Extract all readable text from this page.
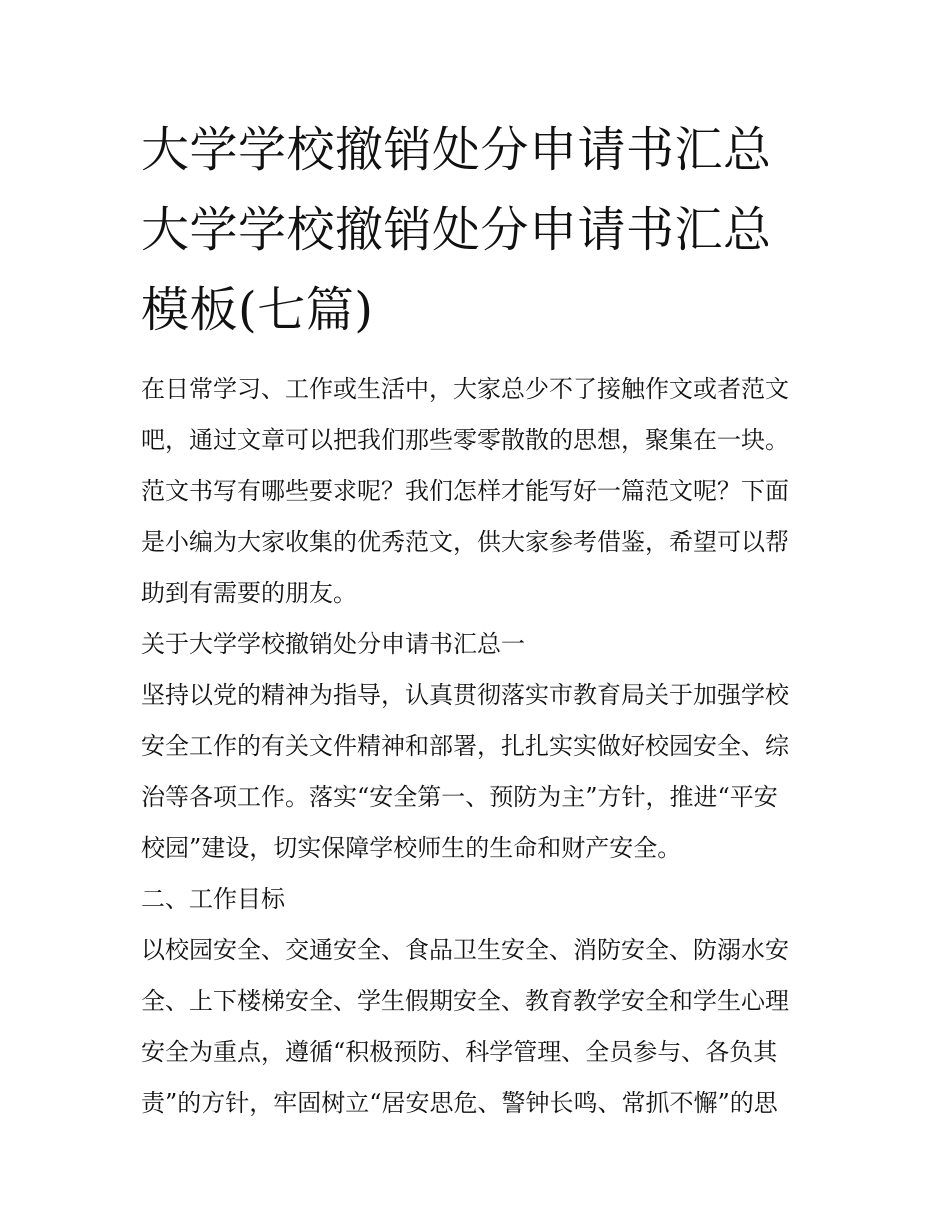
大学学校撤销处分申请书汇总
大学学校撤销处分申请书汇总
模板(七篇)
在日常学习、工作或生活中，大家总少不了接触作文或者范文
吧，通过文章可以把我们那些零零散散的思想，聚集在一块。
范文书写有哪些要求呢？我们怎样才能写好一篇范文呢？下面
是小编为大家收集的优秀范文，供大家参考借鉴，希望可以帮
助到有需要的朋友。
关于大学学校撤销处分申请书汇总一
坚持以党的精神为指导，认真贯彻落实市教育局关于加强学校
安全工作的有关文件精神和部署，扎扎实实做好校园安全、综
治等各项工作。落实“安全第一、预防为主”方针，推进“平安
校园”建设，切实保障学校师生的生命和财产安全。
二、工作目标
以校园安全、交通安全、食品卫生安全、消防安全、防溺水安
全、上下楼梯安全、学生假期安全、教育教学安全和学生心理
安全为重点，遵循“积极预防、科学管理、全员参与、各负其
责”的方针，牢固树立“居安思危、警钟长鸣、常抓不懈”的思
